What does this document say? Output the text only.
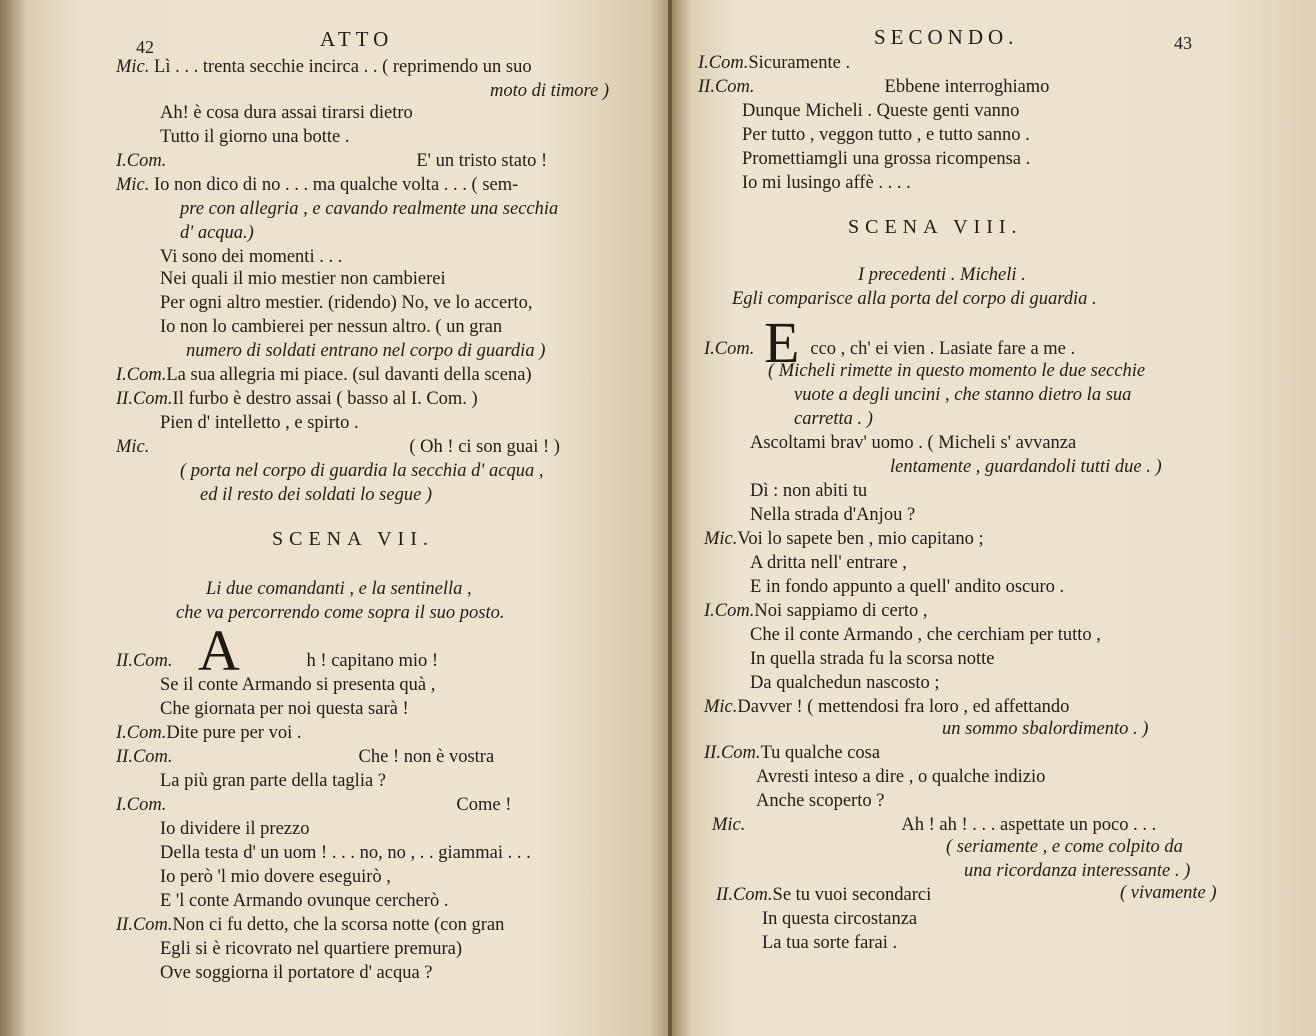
42	ATTO
Mic. Lì . . . trenta secchie incirca . . ( reprimendo un suo
moto di timore )
Ah! è cosa dura assai tirarsi dietro
Tutto il giorno una botte .
I.Com.	E' un tristo stato !
Mic. Io non dico di no . . . ma qualche volta . . . ( sem-
pre con allegria , e cavando realmente una secchia
d' acqua.)
Vi sono dei momenti . . .
Nei quali il mio mestier non cambierei
Per ogni altro mestier. (ridendo) No, ve lo accerto,
Io non lo cambierei per nessun altro. ( un gran
numero di soldati entrano nel corpo di guardia )
I.Com.La sua allegria mi piace. (sul davanti della scena)
II.Com.Il furbo è destro assai ( basso al I. Com. )
Pien d' intelletto , e spirto .
Mic.	( Oh ! ci son guai ! )
( porta nel corpo di guardia la secchia d' acqua ,
ed il resto dei soldati lo segue )
SCENA VII.
Li due comandanti , e la sentinella ,
che va percorrendo come sopra il suo posto.
A
II.Com.	h ! capitano mio !
Se il conte Armando si presenta quà ,
Che giornata per noi questa sarà !
I.Com.Dite pure per voi .
II.Com.	Che ! non è vostra
La più gran parte della taglia ?
I.Com.	Come !
Io dividere il prezzo
Della testa d' un uom ! . . . no, no , . . giammai . . .
Io però 'l mio dovere eseguirò ,
E 'l conte Armando ovunque cercherò .
II.Com.Non ci fu detto, che la scorsa notte (con gran
Egli si è ricovrato nel quartiere premura)
Ove soggiorna il portatore d' acqua ?
SECONDO.	43
I.Com.Sicuramente .
II.Com.	Ebbene interroghiamo
Dunque Micheli . Queste genti vanno
Per tutto , veggon tutto , e tutto sanno .
Promettiamgli una grossa ricompensa .
Io mi lusingo affè . . . .
SCENA VIII.
I precedenti . Micheli .
Egli comparisce alla porta del corpo di guardia .
E
I.Com.	cco , ch' ei vien . Lasiate fare a me .
( Micheli rimette in questo momento le due secchie
vuote a degli uncini , che stanno dietro la sua
carretta . )
Ascoltami brav' uomo . ( Micheli s' avvanza
lentamente , guardandoli tutti due . )
Dì : non abiti tu
Nella strada d'Anjou ?
Mic.Voi lo sapete ben , mio capitano ;
A dritta nell' entrare ,
E in fondo appunto a quell' andito oscuro .
I.Com.Noi sappiamo di certo ,
Che il conte Armando , che cerchiam per tutto ,
In quella strada fu la scorsa notte
Da qualchedun nascosto ;
Mic.Davver ! ( mettendosi fra loro , ed affettando
un sommo sbalordimento . )
II.Com.Tu qualche cosa
Avresti inteso a dire , o qualche indizio
Anche scoperto ?
Mic.	Ah ! ah ! . . . aspettate un poco . . .
( seriamente , e come colpito da
una ricordanza interessante . )
II.Com.Se tu vuoi secondarci	( vivamente )
In questa circostanza
La tua sorte farai .
